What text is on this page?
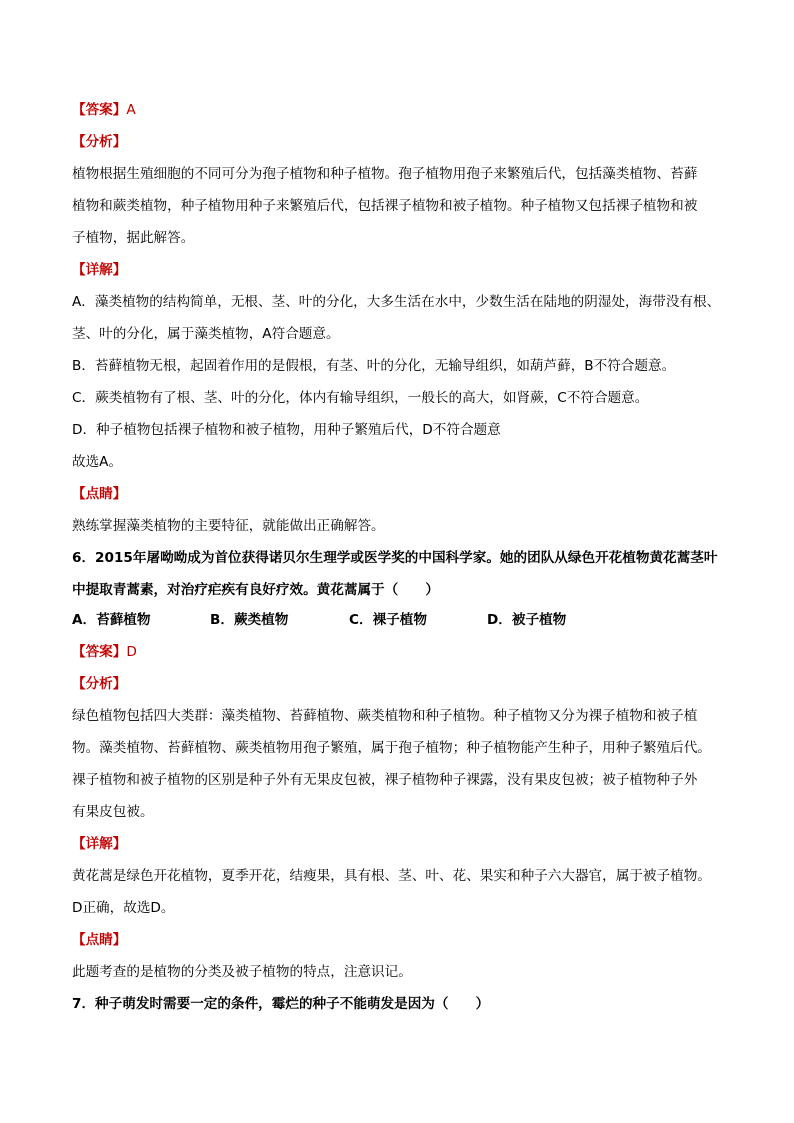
【答案】A
【分析】
植物根据生殖细胞的不同可分为孢子植物和种子植物。孢子植物用孢子来繁殖后代，包括藻类植物、苔藓
植物和蕨类植物，种子植物用种子来繁殖后代，包括裸子植物和被子植物。种子植物又包括裸子植物和被
子植物，据此解答。
【详解】
A．藻类植物的结构简单，无根、茎、叶的分化，大多生活在水中，少数生活在陆地的阴湿处，海带没有根、
茎、叶的分化，属于藻类植物，A符合题意。
B．苔藓植物无根，起固着作用的是假根，有茎、叶的分化，无输导组织，如葫芦藓，B不符合题意。
C．蕨类植物有了根、茎、叶的分化，体内有输导组织，一般长的高大，如肾蕨，C不符合题意。
D．种子植物包括裸子植物和被子植物，用种子繁殖后代，D不符合题意
故选A。
【点睛】
熟练掌握藻类植物的主要特征，就能做出正确解答。
6．2015年屠呦呦成为首位获得诺贝尔生理学或医学奖的中国科学家。她的团队从绿色开花植物黄花蒿茎叶
中提取青蒿素，对治疗疟疾有良好疗效。黄花蒿属于（　　）
A．苔藓植物	B．蕨类植物	C．裸子植物	D．被子植物
【答案】D
【分析】
绿色植物包括四大类群：藻类植物、苔藓植物、蕨类植物和种子植物。种子植物又分为裸子植物和被子植
物。藻类植物、苔藓植物、蕨类植物用孢子繁殖，属于孢子植物；种子植物能产生种子，用种子繁殖后代。
裸子植物和被子植物的区别是种子外有无果皮包被，裸子植物种子裸露，没有果皮包被；被子植物种子外
有果皮包被。
【详解】
黄花蒿是绿色开花植物，夏季开花，结瘦果，具有根、茎、叶、花、果实和种子六大器官，属于被子植物。
D正确，故选D。
【点睛】
此题考查的是植物的分类及被子植物的特点，注意识记。
7．种子萌发时需要一定的条件，霉烂的种子不能萌发是因为（　　）
